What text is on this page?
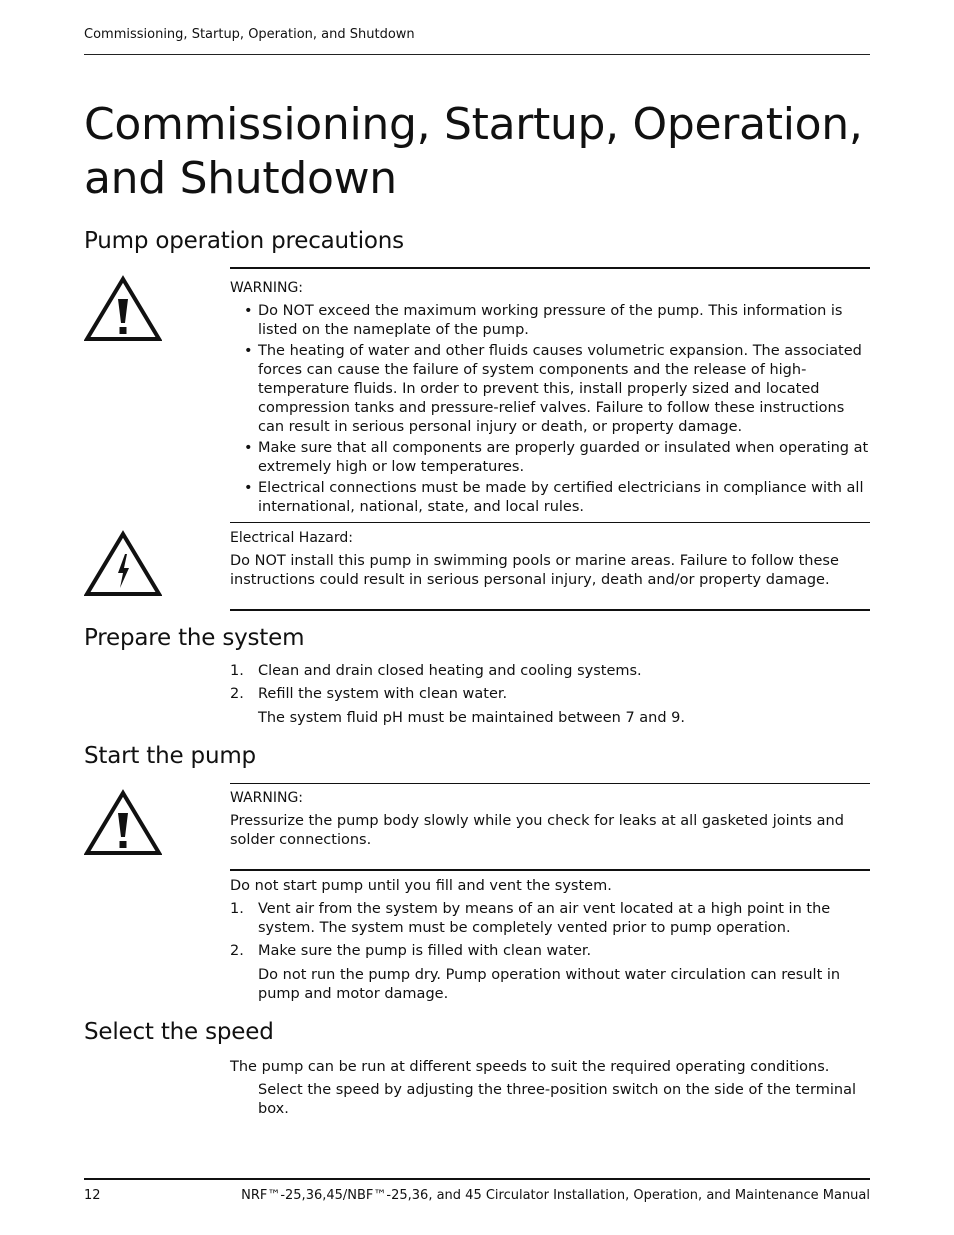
Commissioning, Startup, Operation, and Shutdown
Commissioning, Startup, Operation, and Shutdown
Pump operation precautions
WARNING:
• Do NOT exceed the maximum working pressure of the pump. This information is listed on the nameplate of the pump.
• The heating of water and other fluids causes volumetric expansion. The associated forces can cause the failure of system components and the release of high-temperature fluids. In order to prevent this, install properly sized and located compression tanks and pressure-relief valves. Failure to follow these instructions can result in serious personal injury or death, or property damage.
• Make sure that all components are properly guarded or insulated when operating at extremely high or low temperatures.
• Electrical connections must be made by certified electricians in compliance with all international, national, state, and local rules.
Electrical Hazard:
Do NOT install this pump in swimming pools or marine areas. Failure to follow these instructions could result in serious personal injury, death and/or property damage.
Prepare the system
1. Clean and drain closed heating and cooling systems.
2. Refill the system with clean water.
The system fluid pH must be maintained between 7 and 9.
Start the pump
WARNING:
Pressurize the pump body slowly while you check for leaks at all gasketed joints and solder connections.
Do not start pump until you fill and vent the system.
1. Vent air from the system by means of an air vent located at a high point in the system. The system must be completely vented prior to pump operation.
2. Make sure the pump is filled with clean water.
Do not run the pump dry. Pump operation without water circulation can result in pump and motor damage.
Select the speed
The pump can be run at different speeds to suit the required operating conditions.
Select the speed by adjusting the three-position switch on the side of the terminal box.
12	NRF™-25,36,45/NBF™-25,36, and 45 Circulator Installation, Operation, and Maintenance Manual
